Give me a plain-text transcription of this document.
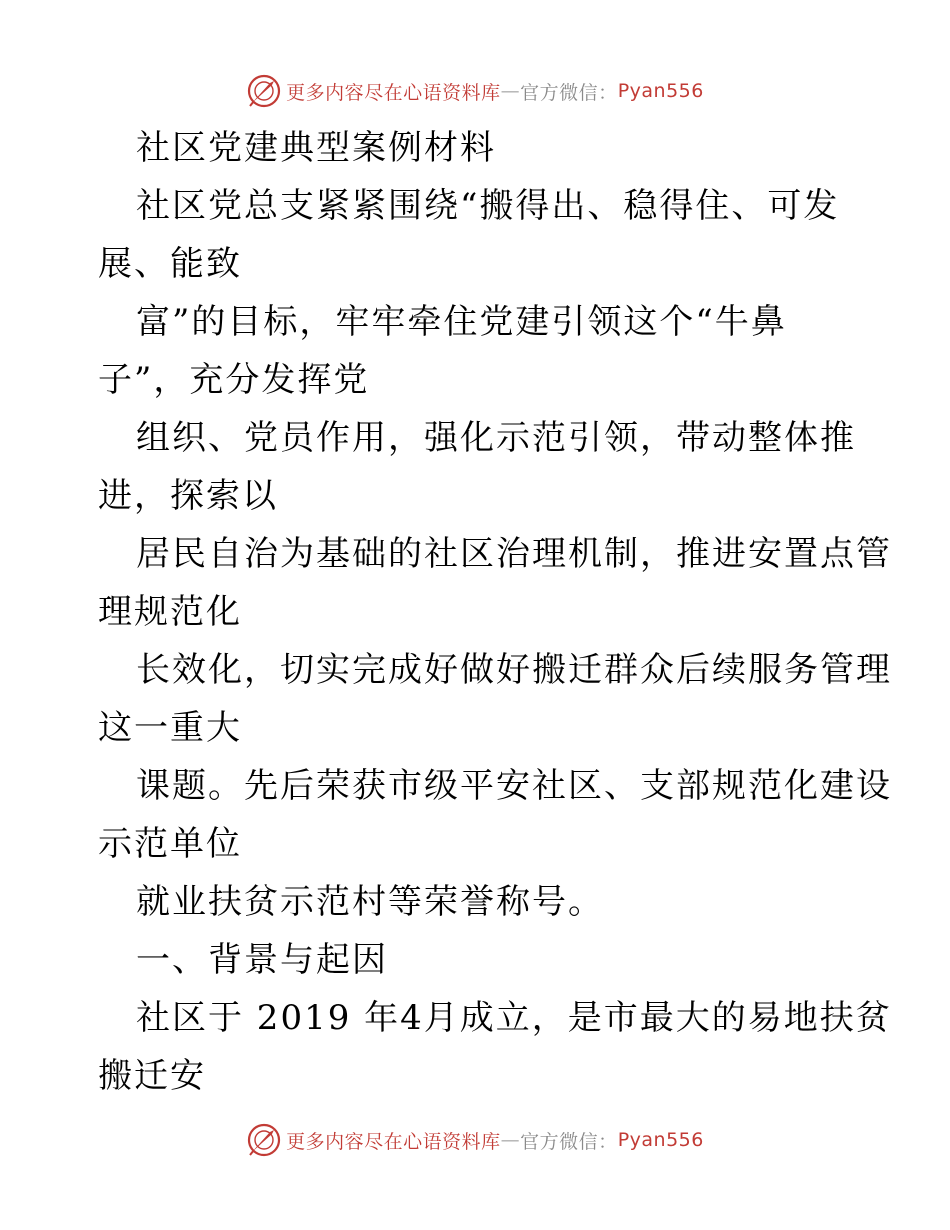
更多内容尽在心语资料库 — 官方微信： Pyan556
社区党建典型案例材料
社区党总支紧紧围绕“搬得出、稳得住、可发
展、能致
富”的目标，牢牢牵住党建引领这个“牛鼻
子”，充分发挥党
组织、党员作用，强化示范引领，带动整体推
进，探索以
居民自治为基础的社区治理机制，推进安置点管
理规范化
长效化，切实完成好做好搬迁群众后续服务管理
这一重大
课题。先后荣获市级平安社区、支部规范化建设
示范单位
就业扶贫示范村等荣誉称号。
一、背景与起因
社区于 2019 年4月成立，是市最大的易地扶贫
搬迁安
更多内容尽在心语资料库 — 官方微信： Pyan556
